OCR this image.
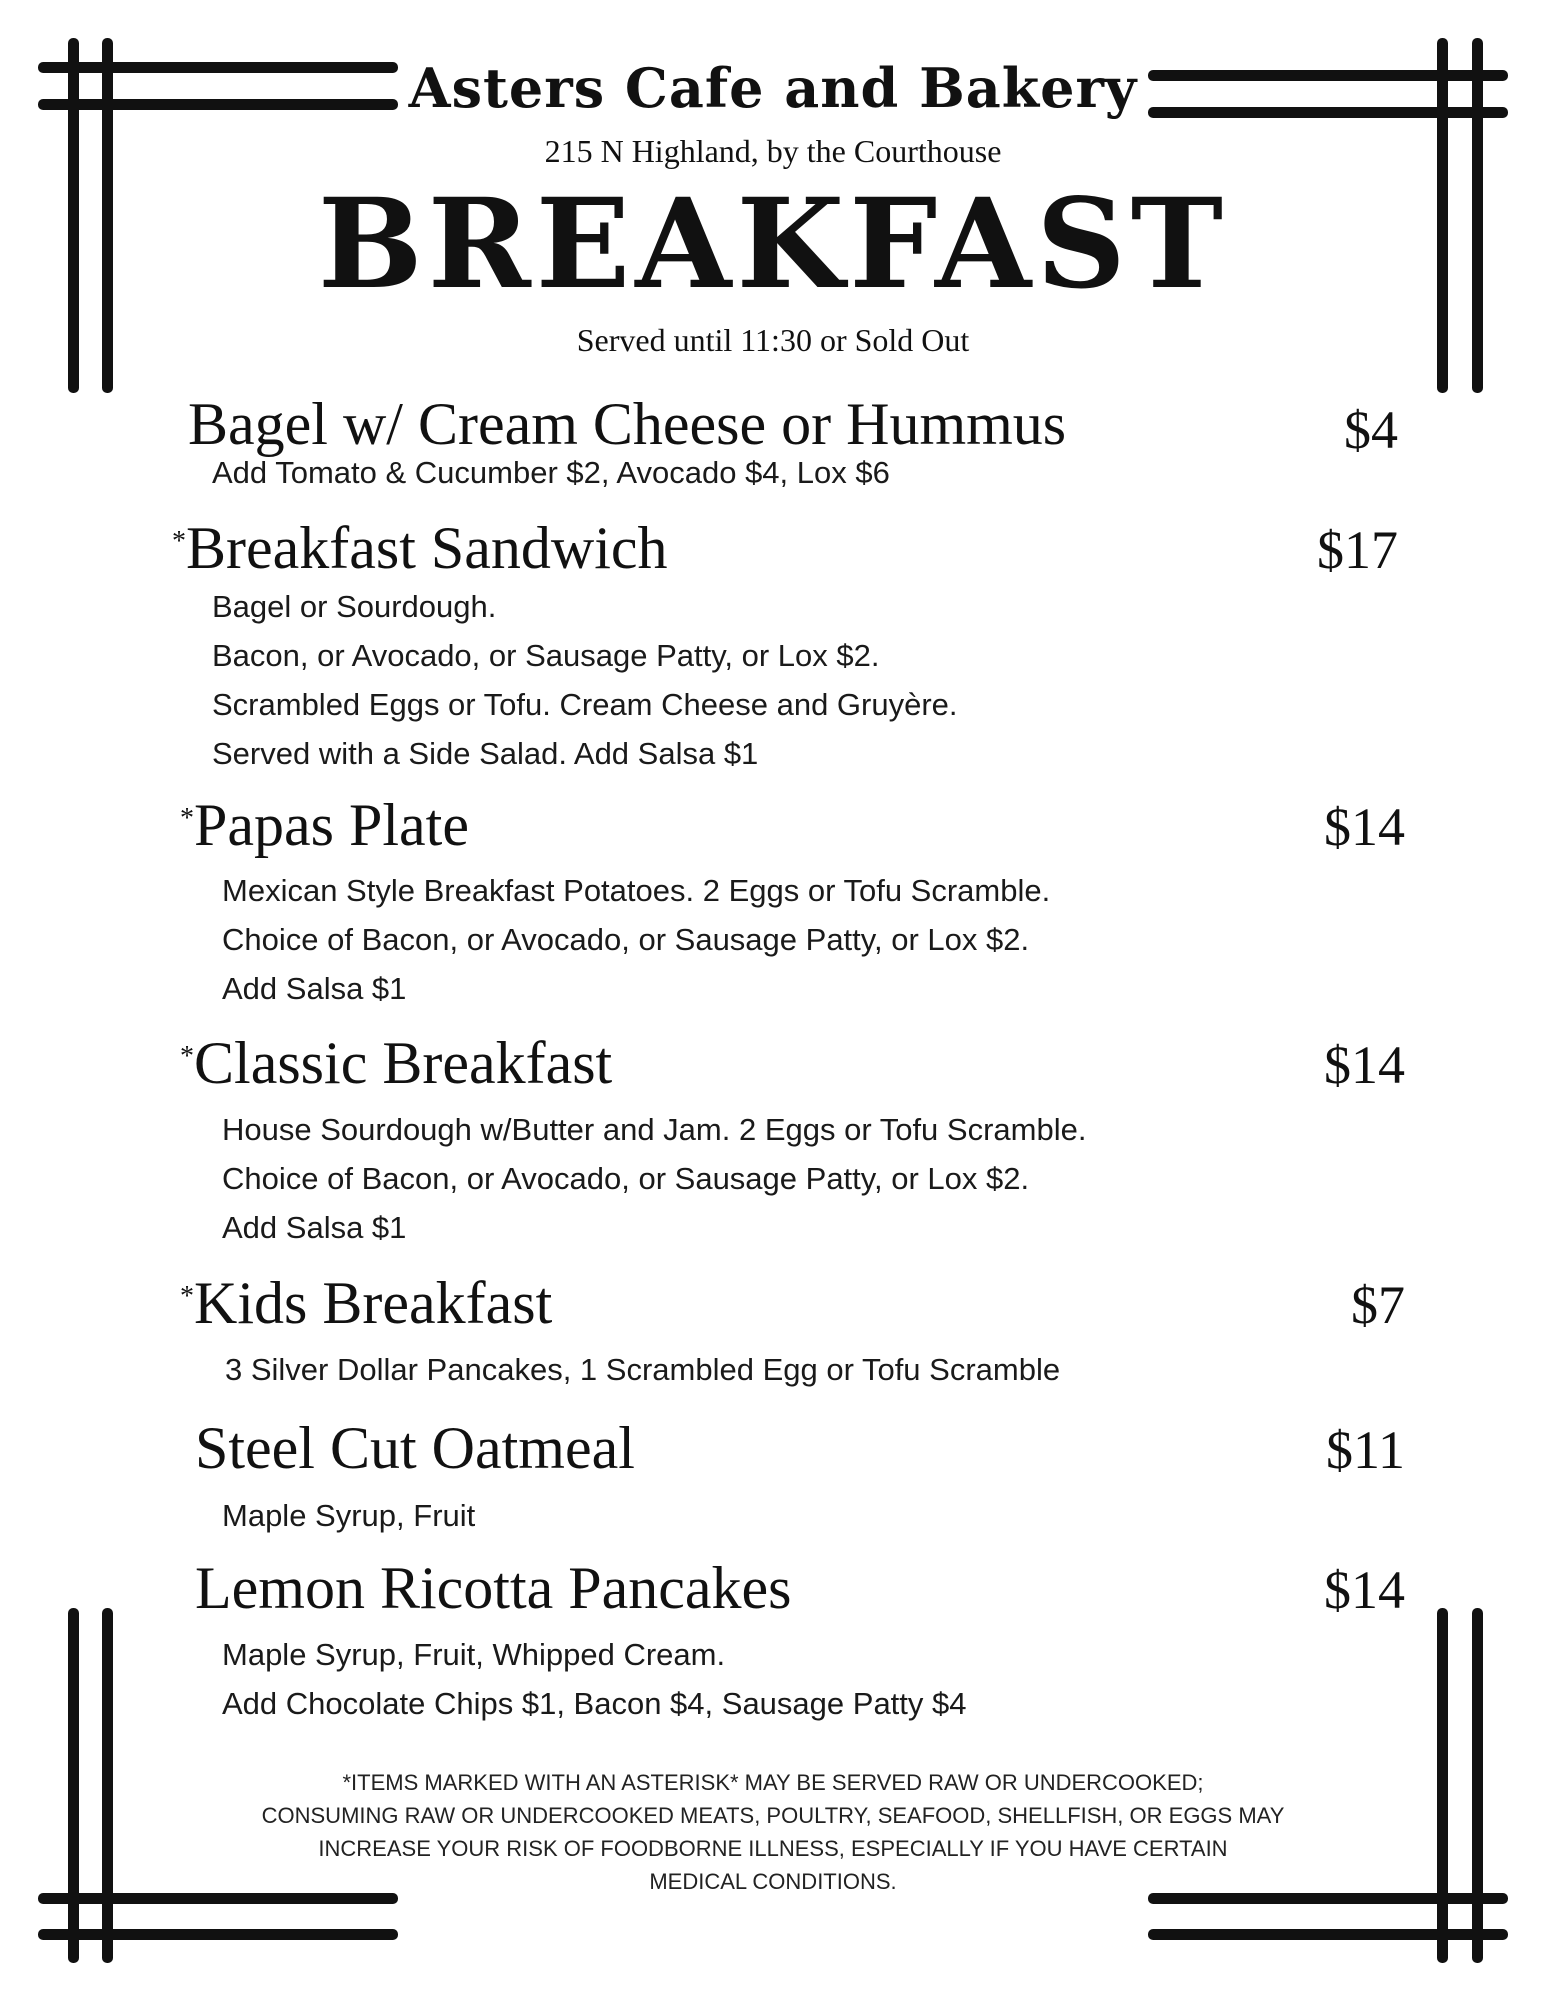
Asters Cafe and Bakery
215 N Highland, by the Courthouse
BREAKFAST
Served until 11:30 or Sold Out
Bagel w/ Cream Cheese or Hummus	$4
Add Tomato & Cucumber $2, Avocado $4, Lox $6
*Breakfast Sandwich	$17
Bagel or Sourdough.
Bacon, or Avocado, or Sausage Patty, or Lox $2.
Scrambled Eggs or Tofu. Cream Cheese and Gruyère.
Served with a Side Salad. Add Salsa $1
*Papas Plate	$14
Mexican Style Breakfast Potatoes. 2 Eggs or Tofu Scramble.
Choice of Bacon, or Avocado, or Sausage Patty, or Lox $2.
Add Salsa $1
*Classic Breakfast	$14
House Sourdough w/Butter and Jam. 2 Eggs or Tofu Scramble.
Choice of Bacon, or Avocado, or Sausage Patty, or Lox $2.
Add Salsa $1
*Kids Breakfast	$7
3 Silver Dollar Pancakes, 1 Scrambled Egg or Tofu Scramble
Steel Cut Oatmeal	$11
Maple Syrup, Fruit
Lemon Ricotta Pancakes	$14
Maple Syrup, Fruit, Whipped Cream.
Add Chocolate Chips $1, Bacon $4, Sausage Patty $4
*ITEMS MARKED WITH AN ASTERISK* MAY BE SERVED RAW OR UNDERCOOKED;
CONSUMING RAW OR UNDERCOOKED MEATS, POULTRY, SEAFOOD, SHELLFISH, OR EGGS MAY
INCREASE YOUR RISK OF FOODBORNE ILLNESS, ESPECIALLY IF YOU HAVE CERTAIN
MEDICAL CONDITIONS.
